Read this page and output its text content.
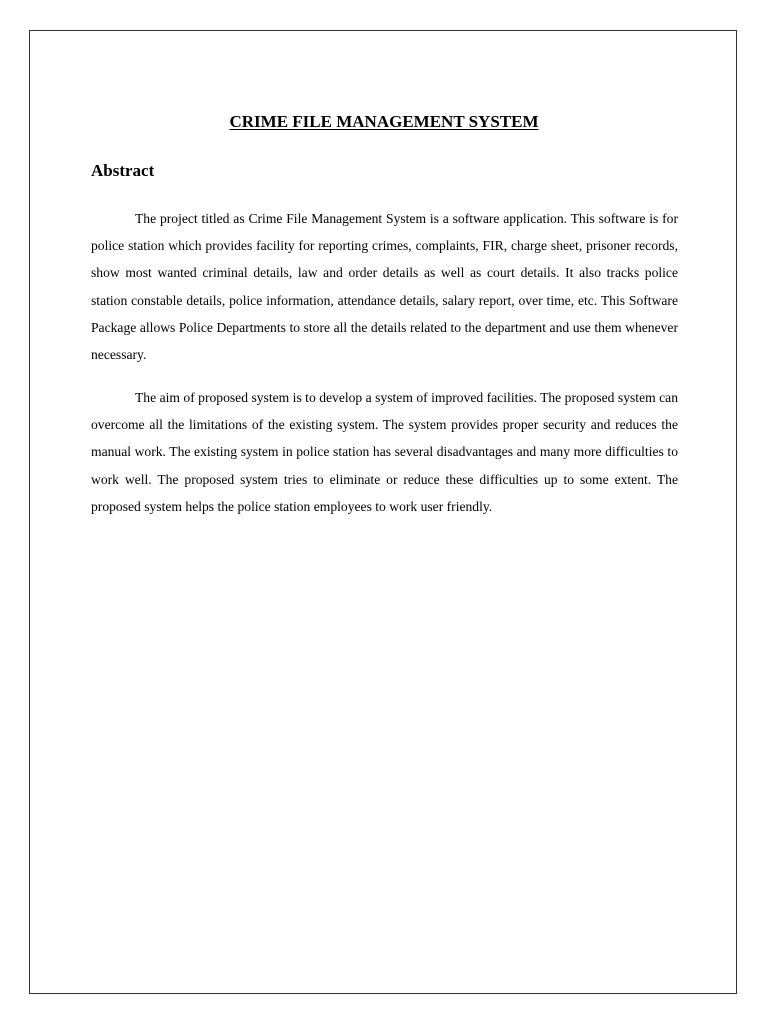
CRIME FILE MANAGEMENT SYSTEM
Abstract

The project titled as Crime File Management System is a software application. This software is for police station which provides facility for reporting crimes, complaints, FIR, charge sheet, prisoner records, show most wanted criminal details, law and order details as well as court details. It also tracks police station constable details, police information, attendance details, salary report, over time, etc. This Software Package allows Police Departments to store all the details related to the department and use them whenever necessary.

The aim of proposed system is to develop a system of improved facilities. The proposed system can overcome all the limitations of the existing system. The system provides proper security and reduces the manual work. The existing system in police station has several disadvantages and many more difficulties to work well. The proposed system tries to eliminate or reduce these difficulties up to some extent. The proposed system helps the police station employees to work user friendly.
